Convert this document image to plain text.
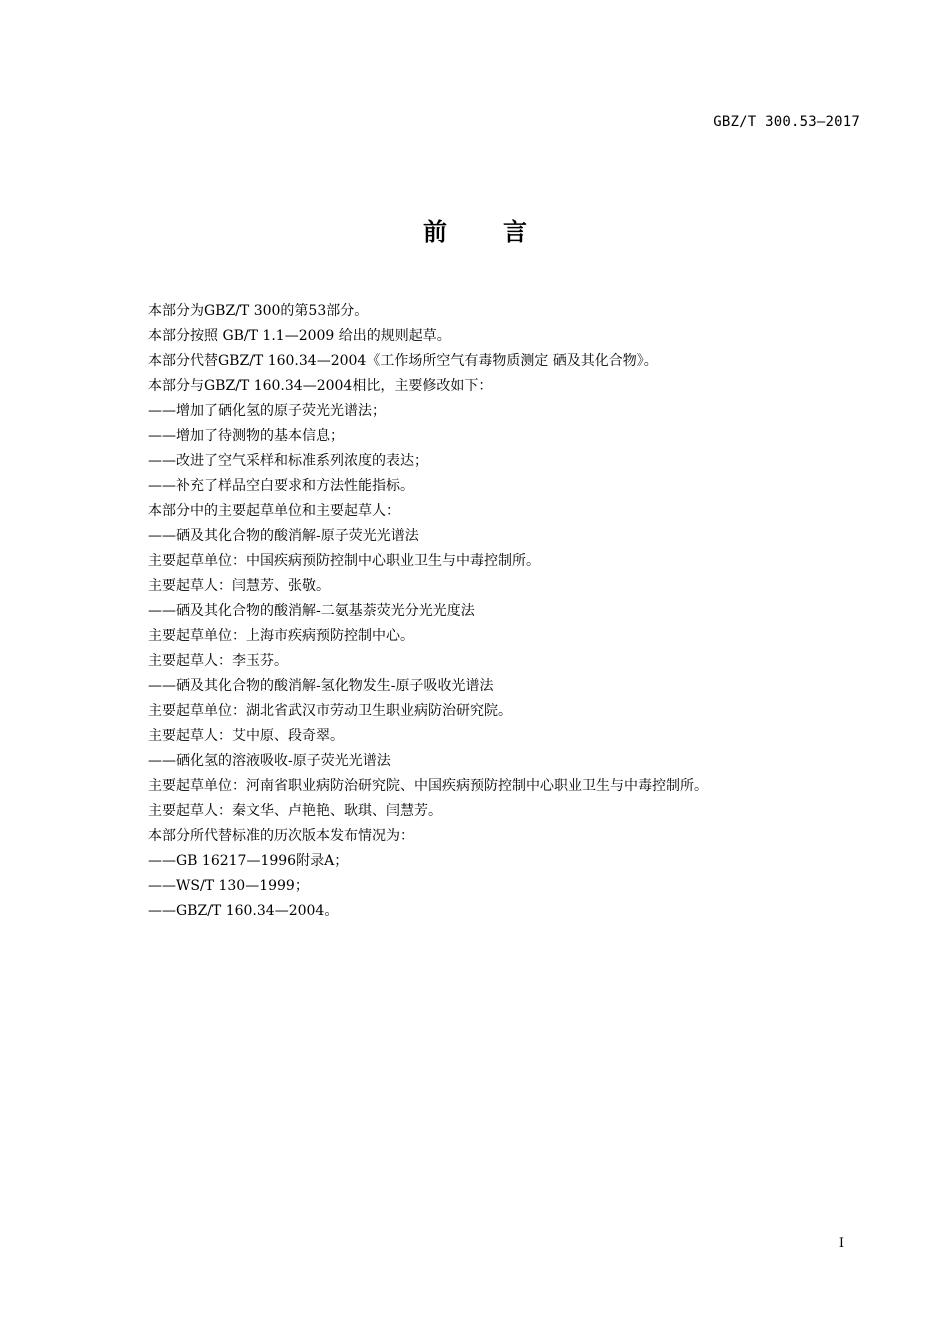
GBZ/T 300.53—2017
前言
本部分为GBZ/T 300的第53部分。
本部分按照 GB/T 1.1—2009 给出的规则起草。
本部分代替GBZ/T 160.34—2004《工作场所空气有毒物质测定 硒及其化合物》。
本部分与GBZ/T 160.34—2004相比，主要修改如下：
——增加了硒化氢的原子荧光光谱法；
——增加了待测物的基本信息；
——改进了空气采样和标准系列浓度的表达；
——补充了样品空白要求和方法性能指标。
本部分中的主要起草单位和主要起草人：
——硒及其化合物的酸消解-原子荧光光谱法
主要起草单位：中国疾病预防控制中心职业卫生与中毒控制所。
主要起草人：闫慧芳、张敬。
——硒及其化合物的酸消解-二氨基萘荧光分光光度法
主要起草单位：上海市疾病预防控制中心。
主要起草人：李玉芬。
——硒及其化合物的酸消解-氢化物发生-原子吸收光谱法
主要起草单位：湖北省武汉市劳动卫生职业病防治研究院。
主要起草人：艾中原、段奇翠。
——硒化氢的溶液吸收-原子荧光光谱法
主要起草单位：河南省职业病防治研究院、中国疾病预防控制中心职业卫生与中毒控制所。
主要起草人：秦文华、卢艳艳、耿琪、闫慧芳。
本部分所代替标准的历次版本发布情况为：
——GB 16217—1996附录A；
——WS/T 130—1999；
——GBZ/T 160.34—2004。
I
